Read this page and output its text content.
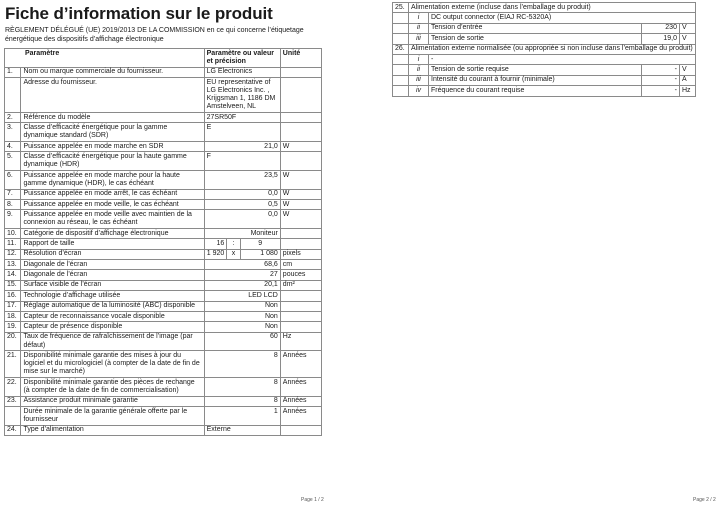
Fiche d’information sur le produit
RÈGLEMENT DÉLÉGUÉ (UE) 2019/2013 DE LA COMMISSION en ce qui concerne l’étiquetage énergétique des dispositifs d’affichage électronique
Paramètre		Paramètre ou valeur et précision			Unité
1.	Nom ou marque commerciale du fournisseur.	LG Electronics			
	Adresse du fournisseur.	EU representative of LG Electronics Inc. , Krijgsman 1, 1186 DM Amstelveen, NL			
2.	Référence du modèle	27SR50F			
3.	Classe d’efficacité énergétique pour la gamme dynamique standard (SDR)	E			
4.	Puissance appelée en mode marche en SDR	21,0			W
5.	Classe d’efficacité énergétique pour la haute gamme dynamique (HDR)	F			
6.	Puissance appelée en mode marche pour la haute gamme dynamique (HDR), le cas échéant	23,5			W
7.	Puissance appelée en mode arrêt, le cas échéant	0,0			W
8.	Puissance appelée en mode veille, le cas échéant	0,5			W
9.	Puissance appelée en mode veille avec maintien de la connexion au réseau, le cas échéant	0,0			W
10.	Catégorie de dispositif d’affichage électronique	Moniteur			
11.	Rapport de taille	16	:	9	
12.	Résolution d’écran	1 920	x	1 080	pixels
13.	Diagonale de l’écran	68,6			cm
14.	Diagonale de l’écran	27			pouces
15.	Surface visible de l’écran	20,1			dm²
16.	Technologie d’affichage utilisée	LED LCD			
17.	Réglage automatique de la luminosité (ABC) disponible	Non			
18.	Capteur de reconnaissance vocale disponible	Non			
19.	Capteur de présence disponible	Non			
20.	Taux de fréquence de rafraîchissement de l’image (par défaut)	60			Hz
21.	Disponibilité minimale garantie des mises à jour du logiciel et du micrologiciel (à compter de la date de fin de mise sur le marché)	8			Années
22.	Disponibilité minimale garantie des pièces de rechange (à compter de la date de fin de commercialisation)	8			Années
23.	Assistance produit minimale garantie	8			Années
	Durée minimale de la garantie générale offerte par le fournisseur	1			Années
24.	Type d’alimentation	Externe			
Page 1 / 2
25.	Alimentation externe (incluse dans l’emballage du produit)			
	i	DC output connector (EIAJ RC-5320A)		
	ii	Tension d’entrée	230	V
	iii	Tension de sortie	19,0	V
26.	Alimentation externe normalisée (ou appropriée si non incluse dans l’emballage du produit)			
	i	-		
	ii	Tension de sortie requise	-	V
	iii	Intensité du courant à fournir (minimale)	-	A
	iv	Fréquence du courant requise	-	Hz
Page 2 / 2
